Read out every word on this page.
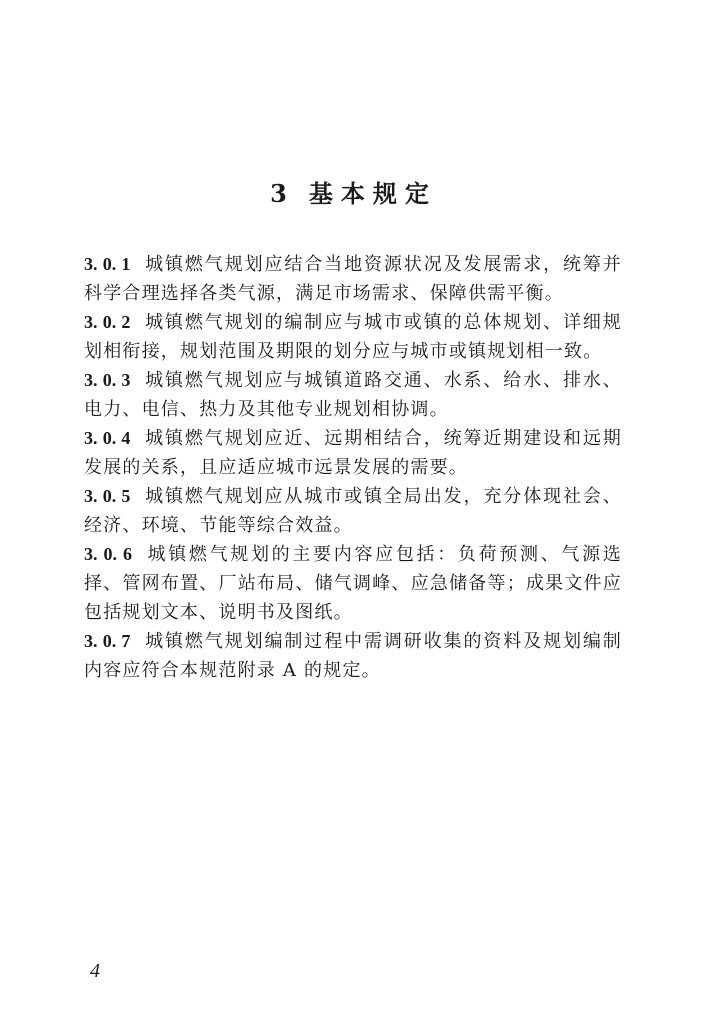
3 基本规定

3. 0. 1 城镇燃气规划应结合当地资源状况及发展需求，统筹并科学合理选择各类气源，满足市场需求、保障供需平衡。

3. 0. 2 城镇燃气规划的编制应与城市或镇的总体规划、详细规划相衔接，规划范围及期限的划分应与城市或镇规划相一致。

3. 0. 3 城镇燃气规划应与城镇道路交通、水系、给水、排水、电力、电信、热力及其他专业规划相协调。

3. 0. 4 城镇燃气规划应近、远期相结合，统筹近期建设和远期发展的关系，且应适应城市远景发展的需要。

3. 0. 5 城镇燃气规划应从城市或镇全局出发，充分体现社会、经济、环境、节能等综合效益。

3. 0. 6 城镇燃气规划的主要内容应包括：负荷预测、气源选择、管网布置、厂站布局、储气调峰、应急储备等；成果文件应包括规划文本、说明书及图纸。

3. 0. 7 城镇燃气规划编制过程中需调研收集的资料及规划编制内容应符合本规范附录 A 的规定。

4
